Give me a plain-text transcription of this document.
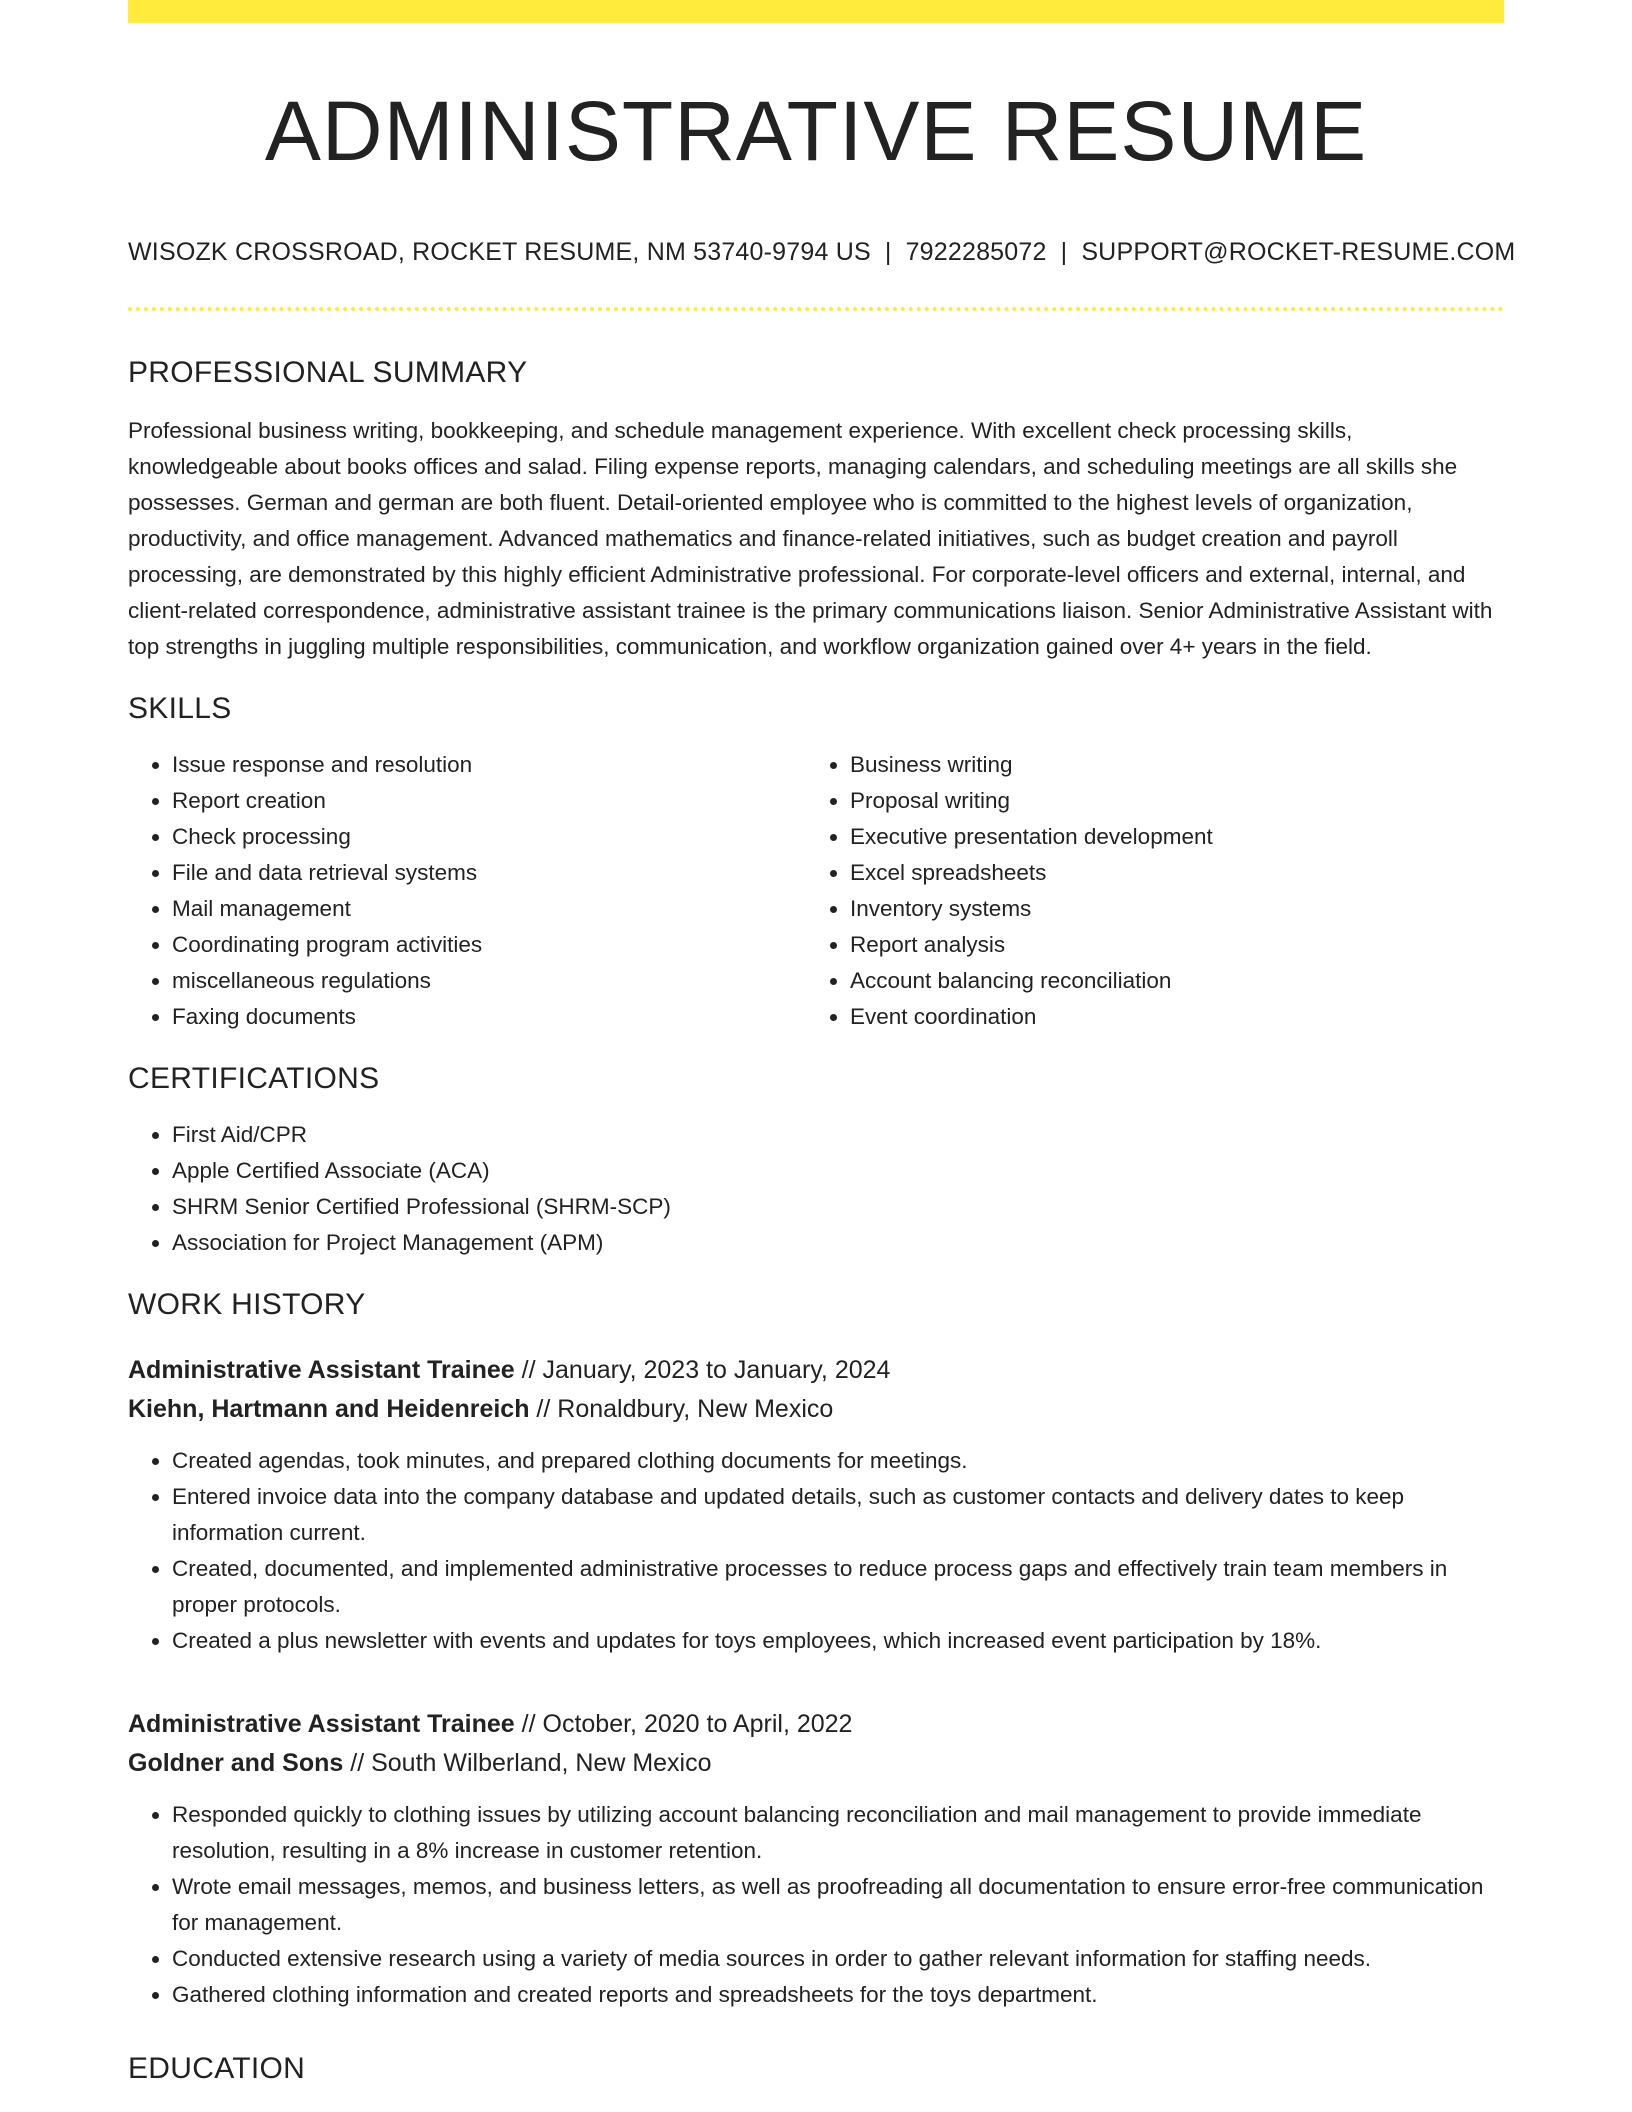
ADMINISTRATIVE RESUME
WISOZK CROSSROAD, ROCKET RESUME, NM 53740-9794 US | 7922285072 | SUPPORT@ROCKET-RESUME.COM
PROFESSIONAL SUMMARY

Professional business writing, bookkeeping, and schedule management experience. With excellent check processing skills, knowledgeable about books offices and salad. Filing expense reports, managing calendars, and scheduling meetings are all skills she possesses. German and german are both fluent. Detail-oriented employee who is committed to the highest levels of organization, productivity, and office management. Advanced mathematics and finance-related initiatives, such as budget creation and payroll processing, are demonstrated by this highly efficient Administrative professional. For corporate-level officers and external, internal, and client-related correspondence, administrative assistant trainee is the primary communications liaison. Senior Administrative Assistant with top strengths in juggling multiple responsibilities, communication, and workflow organization gained over 4+ years in the field.

SKILLS
• Issue response and resolution
• Report creation
• Check processing
• File and data retrieval systems
• Mail management
• Coordinating program activities
• miscellaneous regulations
• Faxing documents
• Business writing
• Proposal writing
• Executive presentation development
• Excel spreadsheets
• Inventory systems
• Report analysis
• Account balancing reconciliation
• Event coordination
CERTIFICATIONS
• First Aid/CPR
• Apple Certified Associate (ACA)
• SHRM Senior Certified Professional (SHRM-SCP)
• Association for Project Management (APM)
WORK HISTORY
Administrative Assistant Trainee // January, 2023 to January, 2024
Kiehn, Hartmann and Heidenreich // Ronaldbury, New Mexico
• Created agendas, took minutes, and prepared clothing documents for meetings.
• Entered invoice data into the company database and updated details, such as customer contacts and delivery dates to keep information current.
• Created, documented, and implemented administrative processes to reduce process gaps and effectively train team members in proper protocols.
• Created a plus newsletter with events and updates for toys employees, which increased event participation by 18%.
Administrative Assistant Trainee // October, 2020 to April, 2022
Goldner and Sons // South Wilberland, New Mexico
• Responded quickly to clothing issues by utilizing account balancing reconciliation and mail management to provide immediate resolution, resulting in a 8% increase in customer retention.
• Wrote email messages, memos, and business letters, as well as proofreading all documentation to ensure error-free communication for management.
• Conducted extensive research using a variety of media sources in order to gather relevant information for staffing needs.
• Gathered clothing information and created reports and spreadsheets for the toys department.
EDUCATION
